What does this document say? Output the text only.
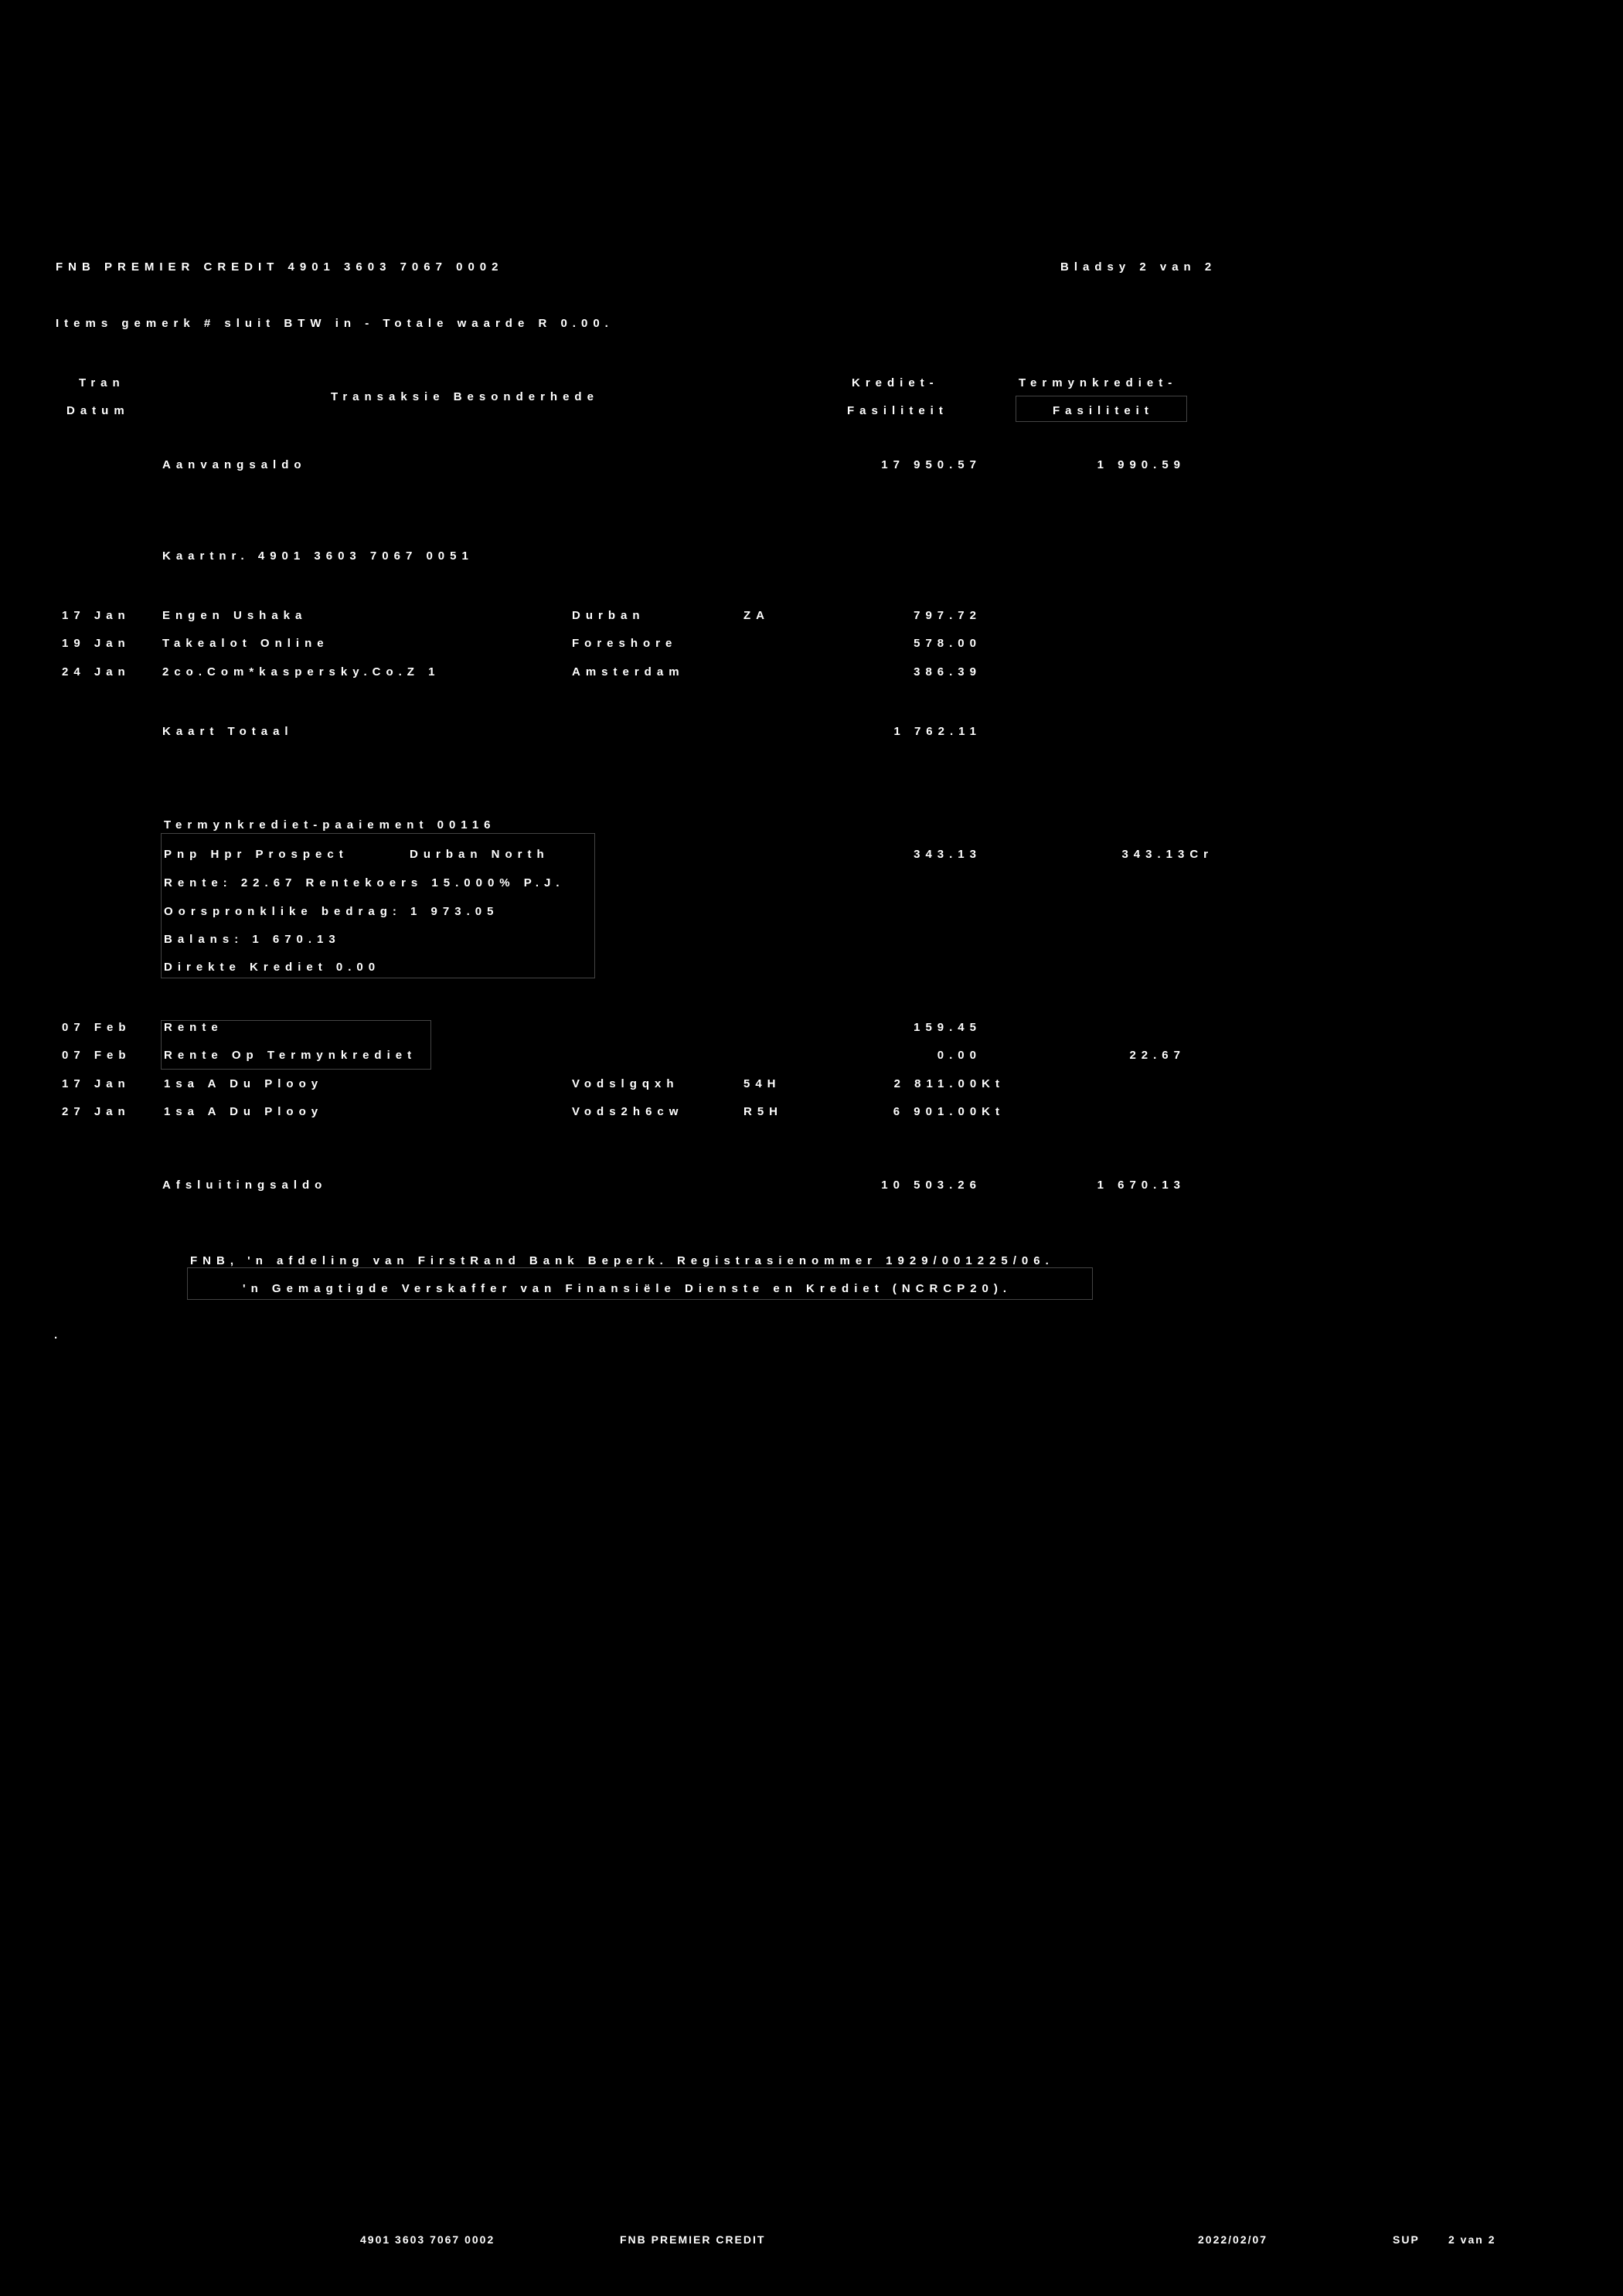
FNB PREMIER CREDIT 4901 3603 7067 0002	Bladsy 2 van 2
Items gemerk # sluit BTW in - Totale waarde R 0.00.
Tran
Datum
Transaksie Besonderhede
Krediet-
Fasiliteit
Termynkrediet-
Fasiliteit
Aanvangsaldo	17 950.57	1 990.59
Kaartnr. 4901 3603 7067 0051
17 Jan	Engen Ushaka	Durban	ZA	797.72
19 Jan	Takealot Online	Foreshore	578.00
24 Jan	2co.Com*kaspersky.Co.Z 1	Amsterdam	386.39
Kaart Totaal	1 762.11
Termynkrediet-paaiement 00116
Pnp Hpr Prospect	Durban North	343.13	343.13Cr
Rente: 22.67 Rentekoers 15.000% P.J.
Oorspronklike bedrag: 1 973.05
Balans: 1 670.13
Direkte Krediet 0.00
07 Feb	Rente	159.45
07 Feb	Rente Op Termynkrediet	0.00	22.67
17 Jan	1sa A Du Plooy	Vodslgqxh	54H	2 811.00Kt
27 Jan	1sa A Du Plooy	Vods2h6cw	R5H	6 901.00Kt
Afsluitingsaldo	10 503.26	1 670.13
FNB, 'n afdeling van FirstRand Bank Beperk. Registrasienommer 1929/001225/06.
'n Gemagtigde Verskaffer van Finansiële Dienste en Krediet (NCRCP20).
.
4901 3603 7067 0002	FNB PREMIER CREDIT	2022/02/07	SUP	2 van 2
